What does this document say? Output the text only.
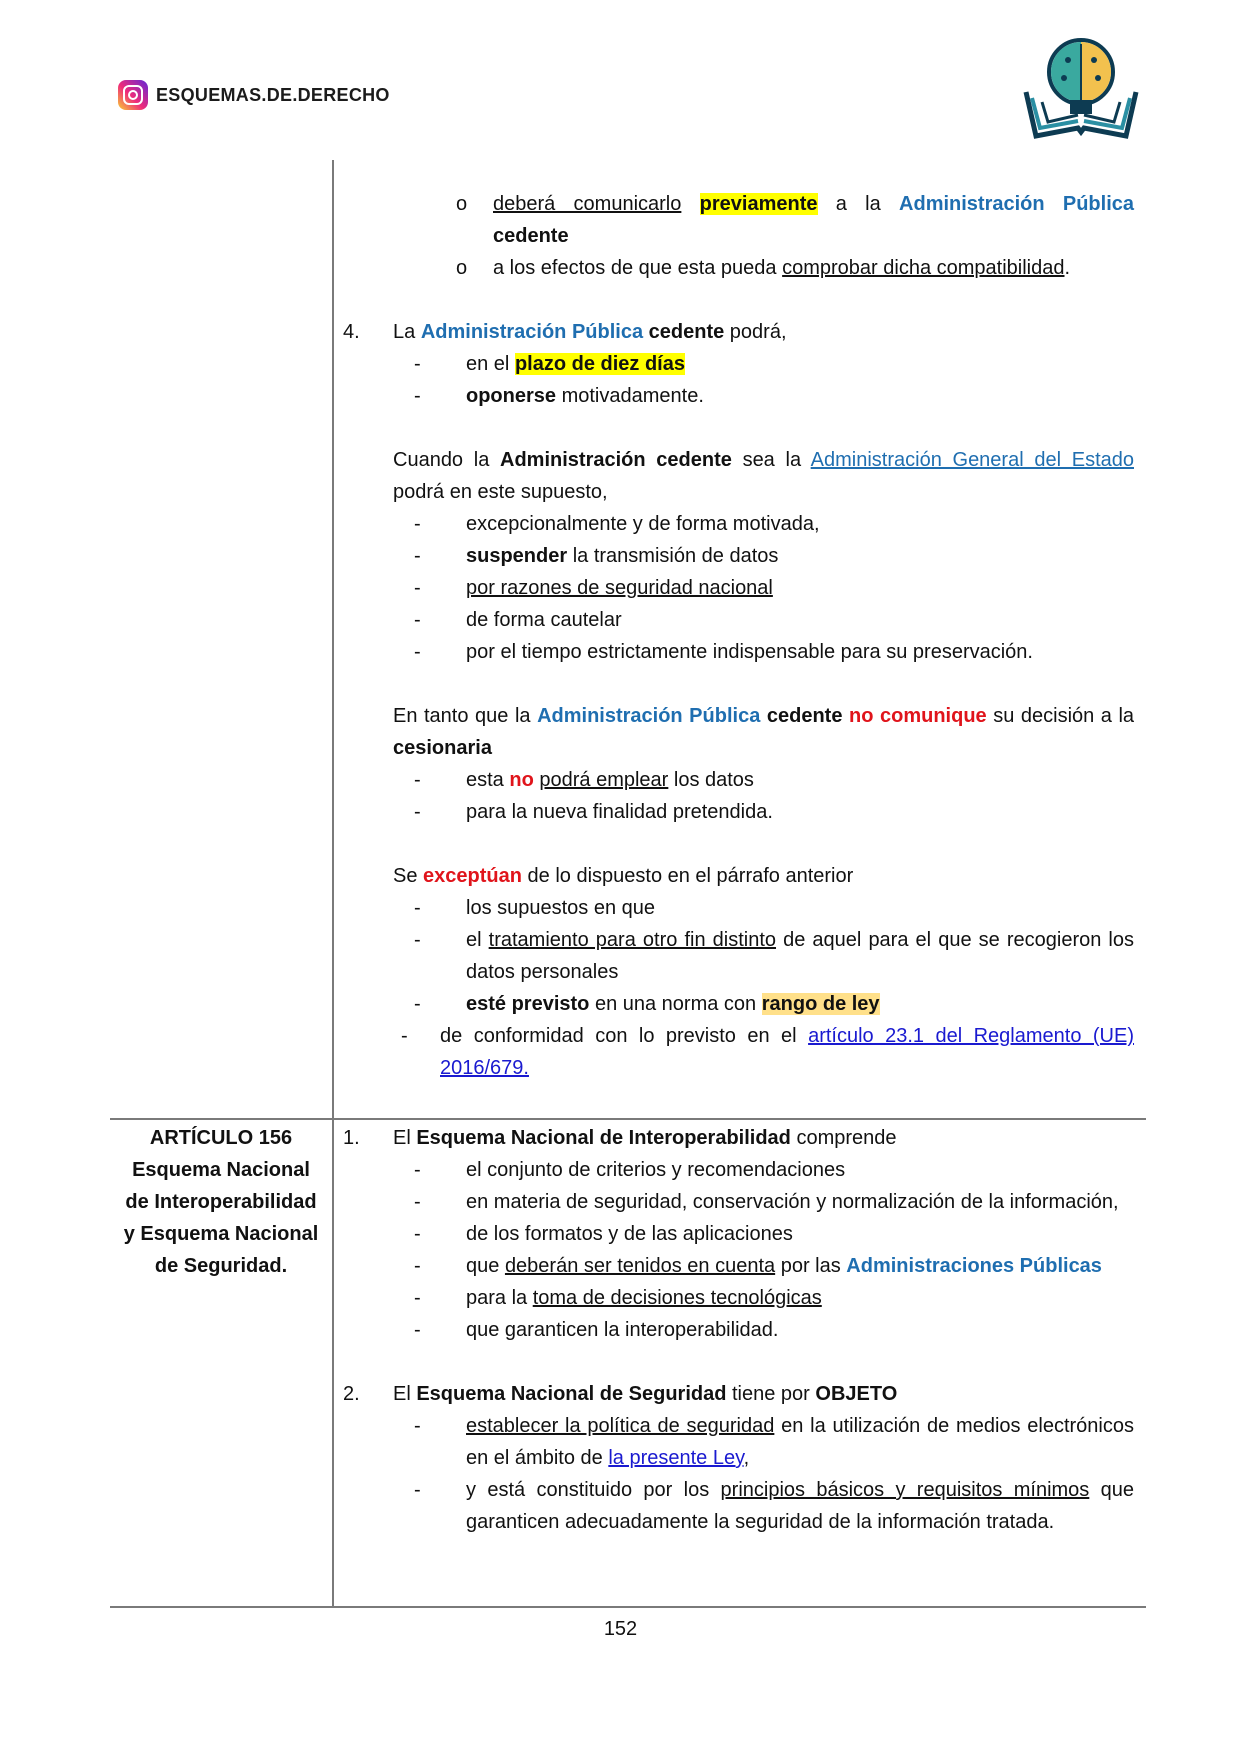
ESQUEMAS.DE.DERECHO
o deberá comunicarlo previamente a la Administración Pública
cedente
o a los efectos de que esta pueda comprobar dicha compatibilidad.
4.	La Administración Pública cedente podrá,
- en el plazo de diez días
- oponerse motivadamente.
Cuando la Administración cedente sea la Administración General del Estado
podrá en este supuesto,
- excepcionalmente y de forma motivada,
- suspender la transmisión de datos
- por razones de seguridad nacional
- de forma cautelar
- por el tiempo estrictamente indispensable para su preservación.
En tanto que la Administración Pública cedente no comunique su decisión a la
cesionaria
- esta no podrá emplear los datos
- para la nueva finalidad pretendida.
Se exceptúan de lo dispuesto en el párrafo anterior
- los supuestos en que
- el tratamiento para otro fin distinto de aquel para el que se recogieron los datos personales
- esté previsto en una norma con rango de ley
- de conformidad con lo previsto en el artículo 23.1 del Reglamento (UE) 2016/679.
ARTÍCULO 156
Esquema Nacional
de Interoperabilidad
y Esquema Nacional
de Seguridad.
1.	El Esquema Nacional de Interoperabilidad comprende
- el conjunto de criterios y recomendaciones
- en materia de seguridad, conservación y normalización de la información,
- de los formatos y de las aplicaciones
- que deberán ser tenidos en cuenta por las Administraciones Públicas
- para la toma de decisiones tecnológicas
- que garanticen la interoperabilidad.
2.	El Esquema Nacional de Seguridad tiene por OBJETO
- establecer la política de seguridad en la utilización de medios electrónicos en el ámbito de la presente Ley,
- y está constituido por los principios básicos y requisitos mínimos que garanticen adecuadamente la seguridad de la información tratada.
152
